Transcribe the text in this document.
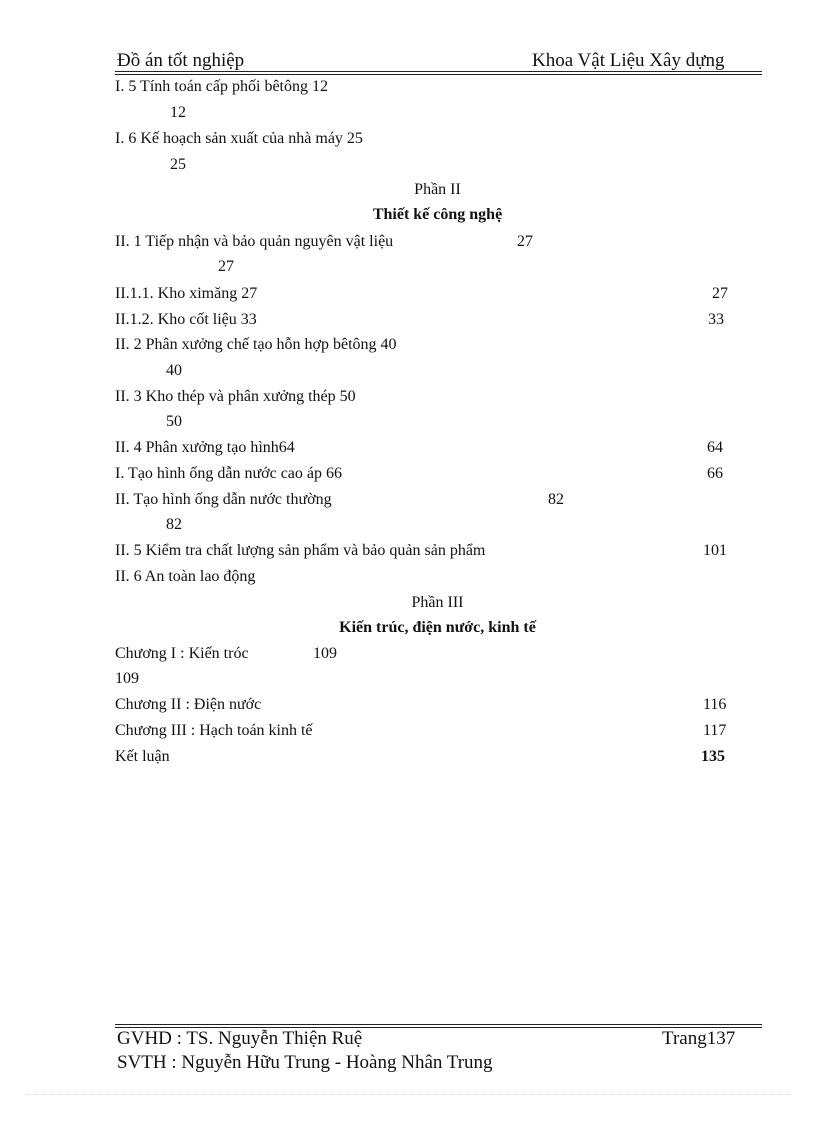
Đồ án tốt nghiệp	Khoa Vật Liệu Xây dựng
I. 5 Tính toán cấp phối bêtông 12
12
I. 6 Kế hoạch sản xuất của nhà máy 25
25
Phần II
Thiết kế công nghệ
II. 1 Tiếp nhận và bảo quản nguyên vật liệu	27
27
II.1.1. Kho ximăng 27	27
II.1.2. Kho cốt liệu 33	33
II. 2 Phân xưởng chế tạo hỗn hợp bêtông 40
40
II. 3 Kho thép và phân xưởng thép 50
50
II. 4 Phân xưởng tạo hình64	64
I. Tạo hình ống dẫn nước cao áp 66	66
II. Tạo hình ống dẫn nước thường	82
82
II. 5 Kiểm tra chất lượng sản phẩm và bảo quản sản phẩm	101
II. 6 An toàn lao động
Phần III
Kiến trúc, điện nước, kinh tế
Chương I : Kiến tróc	109
109
Chương II : Điện nước	116
Chương III : Hạch toán kinh tế	117
Kết luận	135
GVHD : TS. Nguyễn Thiện Ruệ	Trang137
SVTH : Nguyễn Hữu Trung - Hoàng Nhân Trung
